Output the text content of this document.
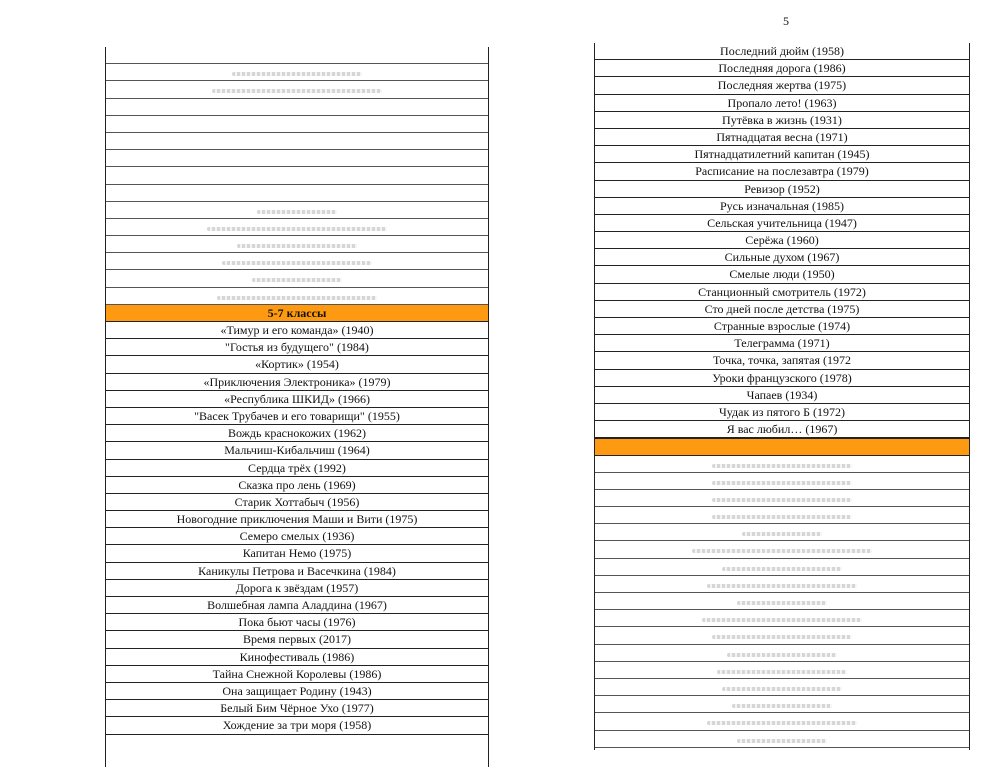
5
5-7 классы
«Тимур и его команда» (1940)
"Гостья из будущего" (1984)
«Кортик» (1954)
«Приключения Электроника» (1979)
«Республика ШКИД» (1966)
"Васек Трубачев и его товарищи" (1955)
Вождь краснокожих (1962)
Мальчиш-Кибальчиш (1964)
Сердца трёх (1992)
Сказка про лень (1969)
Старик Хоттабыч (1956)
Новогодние приключения Маши и Вити (1975)
Семеро смелых (1936)
Капитан Немо (1975)
Каникулы Петрова и Васечкина (1984)
Дорога к звёздам (1957)
Волшебная лампа Аладдина (1967)
Пока бьют часы (1976)
Время первых (2017)
Кинофестиваль (1986)
Тайна Снежной Королевы (1986)
Она защищает Родину (1943)
Белый Бим Чёрное Ухо (1977)
Хождение за три моря (1958)
Последний дюйм (1958)
Последняя дорога (1986)
Последняя жертва (1975)
Пропало лето! (1963)
Путёвка в жизнь (1931)
Пятнадцатая весна (1971)
Пятнадцатилетний капитан (1945)
Расписание на послезавтра (1979)
Ревизор (1952)
Русь изначальная (1985)
Сельская учительница (1947)
Серёжа (1960)
Сильные духом (1967)
Смелые люди (1950)
Станционный смотритель (1972)
Сто дней после детства (1975)
Странные взрослые (1974)
Телеграмма (1971)
Точка, точка, запятая (1972
Уроки французского (1978)
Чапаев (1934)
Чудак из пятого Б (1972)
Я вас любил… (1967)
